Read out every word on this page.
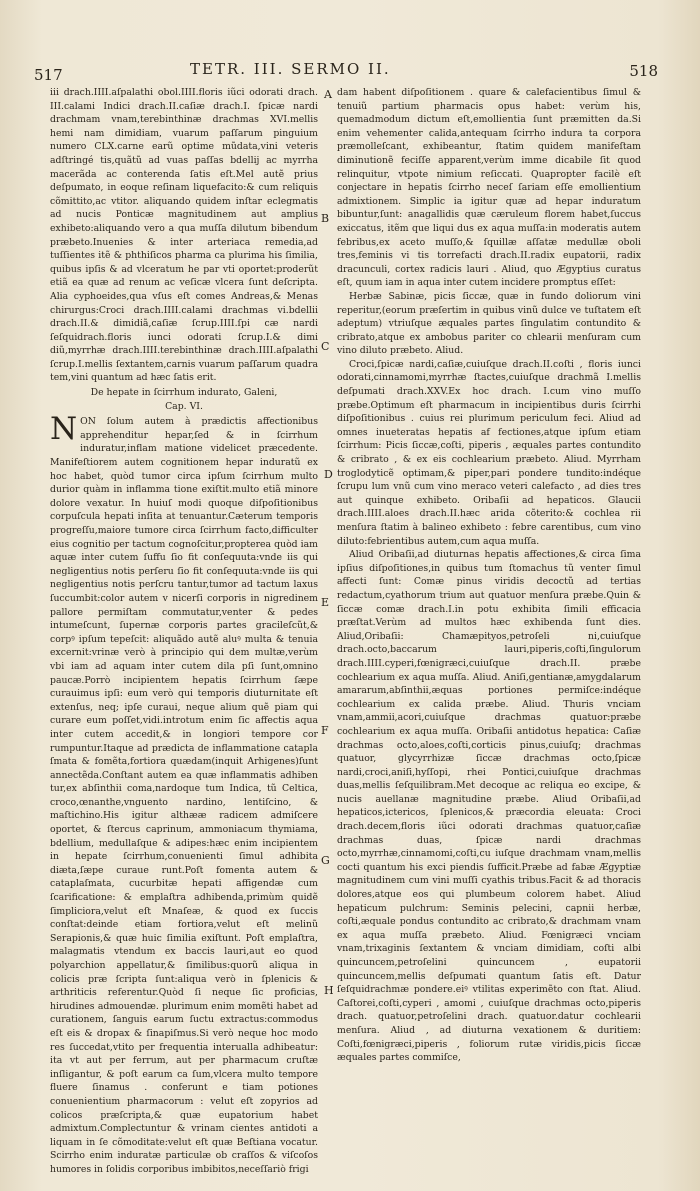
517	TETR. III. SERMO II.	518

iii drach.IIII.aſpalathi obol.IIII.floris iũci odorati drach. III.calami Indici drach.II.caſiæ drach.I. ſpicæ nardi drachmam vnam,terebinthinæ drachmas XVI.mellis hemi nam dimidiam, vuarum paſſarum pinguium numero CLX.carne earũ optime mũdata,vini veteris adſtringé tis,quãtũ ad vuas paſſas bdellij ac myrrha macerãda ac conterenda ſatis eſt.Mel autẽ prius deſpumato, in eoque reſinam liquefacito:& cum reliquis cõmittito,ac vtitor. aliquando quidem inſtar eclegmatis ad nucis Ponticæ magnitudinem aut amplius exhibeto:aliquando vero a qua muſſa dilutum bibendum præbeto.Inuenies & inter arteriaca remedia,ad tuſſientes itẽ & phthiſicos pharma ca plurima his ſimilia, quibus ipſis & ad vlceratum he par vti oportet:proderũt etiã ea quæ ad renum ac veſicæ vlcera ſunt deſcripta. Alia cyphoeides,qua vſus eſt comes Andreas,& Menas chirurgus:Croci drach.IIII.calami drachmas vi.bdellii drach.II.& dimidiã,caſiæ ſcrup.IIII.ſpi cæ nardi ſeſquidrach.floris iunci odorati ſcrup.I.& dimi diũ,myrrhæ drach.IIII.terebinthinæ drach.IIII.aſpalathi ſcrup.I.mellis ſextantem,carnis vuarum paſſarum quadra tem,vini quantum ad hæc ſatis erit.

De hepate in ſcirrhum indurato, Galeni,
Cap. VI.

NON ſolum autem à prædictis affectionibus apprehenditur hepar,ſed & in ſcirrhum induratur,inflam matione videlicet præcedente. Manifeſtiorem autem cognitionem hepar induratũ ex hoc habet, quòd tumor circa ipſum ſcirrhum multo durior quàm in inflamma tione exiſtit.multo etiã minore dolore vexatur. In huiuſ modi quoque diſpoſitionibus corpuſcula hepati inſita at tenuantur.Cæterum temporis progreſſu,maiore tumore circa ſcirrhum facto,difficulter eius cognitio per tactum cognoſcitur,propterea quòd iam aquæ inter cutem ſuffu ſio fit conſequuta:vnde iis qui negligentius notis perſeru ſio fit conſequuta:vnde iis qui negligentius notis perſcru tantur,tumor ad tactum laxus ſuccumbit:color autem v nicerſi corporis in nigredinem pallore permiſtam commutatur,venter & pedes intumeſcunt, ſupernæ corporis partes gracileſcũt,& corpꝰ ipſum tepeſcit: aliquãdo autẽ aluꝰ multa & tenuia excernit:vrinæ verò à principio qui dem multæ,verùm vbi iam ad aquam inter cutem dila pſi ſunt,omnino paucæ.Porrò incipientem hepatis ſcirrhum ſæpe curauimus ipſi: eum verò qui temporis diuturnitate eſt extenſus, neq; ipſe curaui, neque alium quẽ piam qui curare eum poſſet,vidi.introtum enim ſic affectis aqua inter cutem accedit,& in longiori tempore cor rumpuntur.Itaque ad prædicta de inflammatione catapla ſmata & fomẽta,fortiora quædam(inquit Arhigenes)ſunt annectẽda.Conſtant autem ea quæ inflammatis adhiben tur,ex abſinthii coma,nardoque tum Indica, tũ Celtica, croco,œnanthe,vnguento nardino, lentiſcino, & maſtichino.His igitur althææ radicem admiſcere oportet, & ſtercus caprinum, ammoniacum thymiama, bdellium, medullaſque & adipes:hæc enim incipientem in hepate ſcirrhum,conuenienti ſimul adhibita diæta,ſæpe curaue runt.Poſt fomenta autem & cataplaſmata, cucurbitæ hepati affigendæ cum ſcarificatione: & emplaſtra adhibenda,primùm quidẽ ſimpliciora,velut eſt Mnaſeæ, & quod ex ſuccis conſtat:deinde etiam fortiora,velut eſt melinũ Serapionis,& quæ huic ſimilia exiſtunt. Poſt emplaſtra, malagmatis vtendum ex baccis lauri,aut eo quod polyarchion appellatur,& ſimilibus:quorũ aliqua in colicis præ ſcripta ſunt:aliqua verò in ſplenicis & arthriticis referentur.Quòd ſi neque ſic proficias, hirudines admouendæ. plurimum enim momẽti habet ad curationem, ſanguis earum ſuctu extractus:commodus eſt eis & dropax & ſinapiſmus.Si verò neque hoc modo res ſuccedat,vtito per frequentia interualla adhibeatur: ita vt aut per ferrum, aut per pharmacum cruſtæ inſligantur, & poſt earum ca ſum,vlcera multo tempore fluere ſinamus . conferunt e tiam potiones conuenientium pharmacorum : velut eſt zopyrios ad colicos præſcripta,& quæ eupatorium habet admixtum.Complectuntur & vrinam cientes antidoti a liquam in ſe cõmoditate:velut eſt quæ Beſtiana vocatur. Scirrho enim induratæ particulæ ob craſſos & viſcoſos humores in ſolidis corporibus imbibitos,neceſſariò frigi

dam habent diſpoſitionem . quare & calefacientibus ſimul & tenuiũ partium pharmacis opus habet: verùm his, quemadmodum dictum eſt,emollientia ſunt præmitten da.Si enim vehementer calida,antequam ſcirrho indura ta corpora præmolleſcant, exhibeantur, ſtatim quidem manifeſtam diminutionẽ feciſſe apparent,verùm imme dicabile ſit quod relinquitur, vtpote nimium reſiccati. Quapropter facilè eſt conjectare in hepatis ſcirrho neceſ ſariam eſſe emollientium admixtionem. Simplic ia igitur quæ ad hepar induratum bibuntur,ſunt: anagallidis quæ cæruleum florem habet,ſuccus exiccatus, itẽm que liqui dus ex aqua muſſa:in moderatis autem febribus,ex aceto muſſo,& ſquillæ aſſatæ medullæ oboli tres,feminis vi tis torrefacti drach.II.radix eupatorii, radix dracunculi, cortex radicis lauri . Aliud, quo Ægyptius curatus eſt, quum iam in aqua inter cutem incidere promptus eſſet:

Herbæ Sabinæ, picis ſiccæ, quæ in fundo doliorum vini reperitur,(eorum præſertim in quibus vinũ dulce ve tuſtatem eſt adeptum) vtriuſque æquales partes ſingulatim contundito & cribrato,atque ex ambobus pariter co chlearii menſuram cum vino diluto præbeto. Aliud.

Croci,ſpicæ nardi,caſiæ,cuiuſque drach.II.coſti , floris iunci odorati,cinnamomi,myrrhæ ſtactes,cuiuſque drachmã I.mellis deſpumati drach.XXV.Ex hoc drach. I.cum vino muſſo præbe.Optimum eſt pharmacum in incipientibus duris ſcirrhi diſpoſitionibus . cuius rei plurimum periculum feci. Aliud ad omnes inueteratas hepatis af fectiones,atque ipſum etiam ſcirrhum: Picis ſiccæ,coſti, piperis , æquales partes contundito & cribrato , & ex eis cochlearium præbeto. Aliud. Myrrham troglodyticẽ optimam,& piper,pari pondere tundito:indéque ſcrupu lum vnũ cum vino meraco veteri calefacto , ad dies tres aut quinque exhibeto. Oribaſii ad hepaticos. Glaucii drach.IIII.aloes drach.II.hæc arida cõterito:& cochlea rii menſura ſtatim à balineo exhibeto : febre carentibus, cum vino diluto:febrientibus autem,cum aqua muſſa.

Aliud Oribaſii,ad diuturnas hepatis affectiones,& circa ſima ipſius diſpoſitiones,in quibus tum ſtomachus tũ venter ſimul affecti ſunt: Comæ pinus viridis decoctũ ad tertias redactum,cyathorum trium aut quatuor menſura præbe.Quin & ſiccæ comæ drach.I.in potu exhibita ſimili efficacia præſtat.Verùm ad multos hæc exhibenda ſunt dies. Aliud,Oribaſii: Chamæpityos,petroſeli ni,cuiuſque drach.octo,baccarum lauri,piperis,coſti,ſingulorum drach.IIII.cyperi,fœnigræci,cuiuſque drach.II. præbe cochlearium ex aqua muſſa. Aliud. Aniſi,gentianæ,amygdalarum amararum,abſinthii,æquas portiones permiſce:indéque cochlearium ex calida præbe. Aliud. Thuris vnciam vnam,ammii,acori,cuiuſque drachmas quatuor:præbe cochlearium ex aqua muſſa. Oribaſii antidotus hepatica: Caſiæ drachmas octo,aloes,coſti,corticis pinus,cuiuſq; drachmas quatuor, glycyrrhizæ ſiccæ drachmas octo,ſpicæ nardi,croci,aniſi,hyſſopi, rhei Pontici,cuiuſque drachmas duas,mellis ſeſquilibram.Met decoque ac reliqua eo excipe, & nucis auellanæ magnitudine præbe. Aliud Oribaſii,ad hepaticos,ictericos, ſplenicos,& præcordia eleuata: Croci drach.decem,floris iũci odorati drachmas quatuor,caſiæ drachmas duas, ſpicæ nardi drachmas octo,myrrhæ,cinnamomi,coſti,cu iuſque drachmam vnam,mellis cocti quantum his exci piendis ſufficit.Præbe ad fabæ Ægyptiæ magnitudinem cum vini muſſi cyathis tribus.Facit & ad thoracis dolores,atque eos qui plumbeum colorem habet. Aliud hepaticum pulchrum: Seminis pelecini, capnii herbæ, coſti,æquale pondus contundito ac cribrato,& drachmam vnam ex aqua muſſa præbeto. Aliud. Fœnigræci vnciam vnam,trixaginis ſextantem & vnciam dimidiam, coſti albi quincuncem,petroſelini quincuncem , eupatorii quincuncem,mellis deſpumati quantum ſatis eſt. Datur ſeſquidrachmæ pondere.eiꝰ vtilitas experimẽto con ſtat. Aliud. Caſtorei,coſti,cyperi , amomi , cuiuſque drachmas octo,piperis drach. quatuor,petroſelini drach. quatuor.datur cochlearii menſura. Aliud , ad diuturna vexationem & duritiem: Coſti,fœnigræci,piperis , foliorum rutæ viridis,picis ſiccæ æquales partes commiſce,

A
B
C
D
E
F
G
H
